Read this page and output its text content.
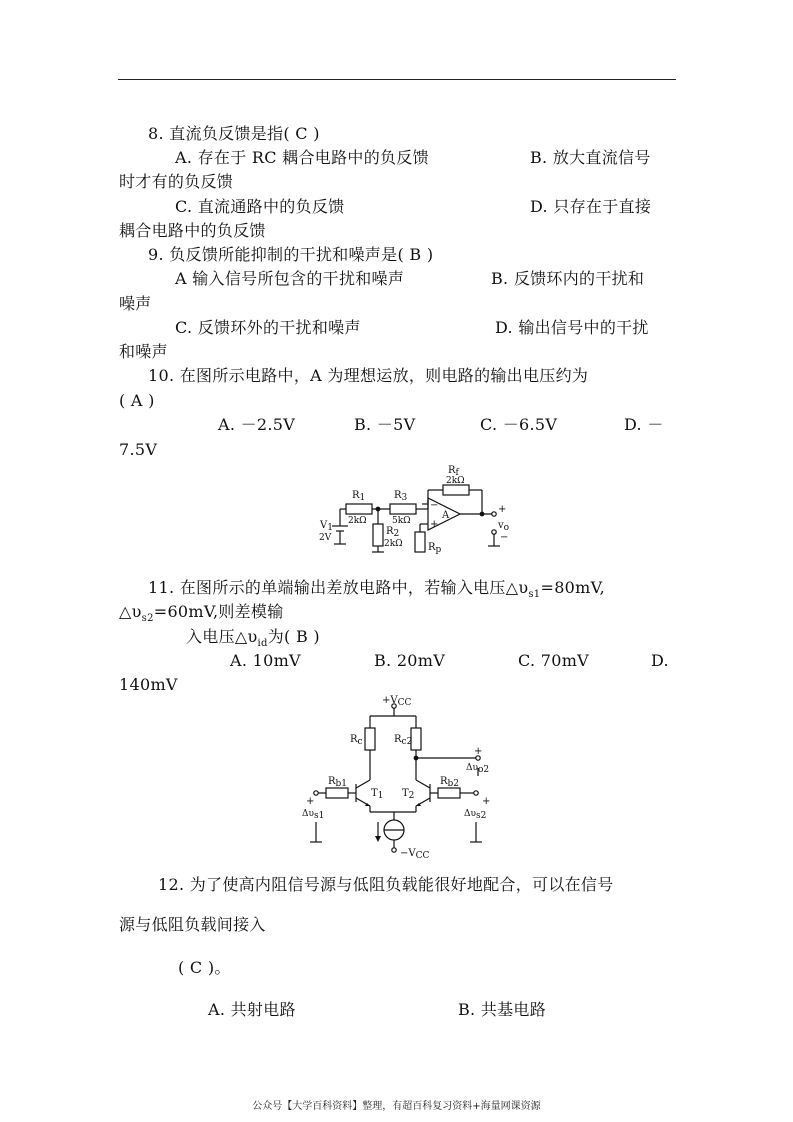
8. 直流负反馈是指( C )
A. 存在于 RC 耦合电路中的负反馈	B. 放大直流信号
时才有的负反馈
C. 直流通路中的负反馈	D. 只存在于直接
耦合电路中的负反馈
9. 负反馈所能抑制的干扰和噪声是( B )
A 输入信号所包含的干扰和噪声	B. 反馈环内的干扰和
噪声
C. 反馈环外的干扰和噪声	D. 输出信号中的干扰
和噪声
10. 在图所示电路中，A 为理想运放，则电路的输出电压约为
( A )
A. －2.5V	B. －5V	C. －6.5V	D. －
7.5V
R1
2kΩ
R2
2kΩ
R3
5kΩ
Rf
2kΩ
Rp
V1
2V
A
−
+	vo
+
−
11. 在图所示的单端输出差放电路中，若输入电压$\triangle\upsilon_{s1}=80mV$,
$\triangle\upsilon_{s2}=60mV$,则差模输
入电压$\triangle\upsilon_{id}$为( B )
A. 10mV	B. 20mV	C. 70mV	D.
140mV
+VCC
−VCC
Rc	Rc2
Rb1	Rb2
T1 T2
+
Δυs1
+
Δυs2
+
Δυo2
12. 为了使高内阻信号源与低阻负载能很好地配合，可以在信号
源与低阻负载间接入
( C )。
A. 共射电路	B. 共基电路
公众号【大学百科资料】整理，有超百科复习资料+海量网课资源
